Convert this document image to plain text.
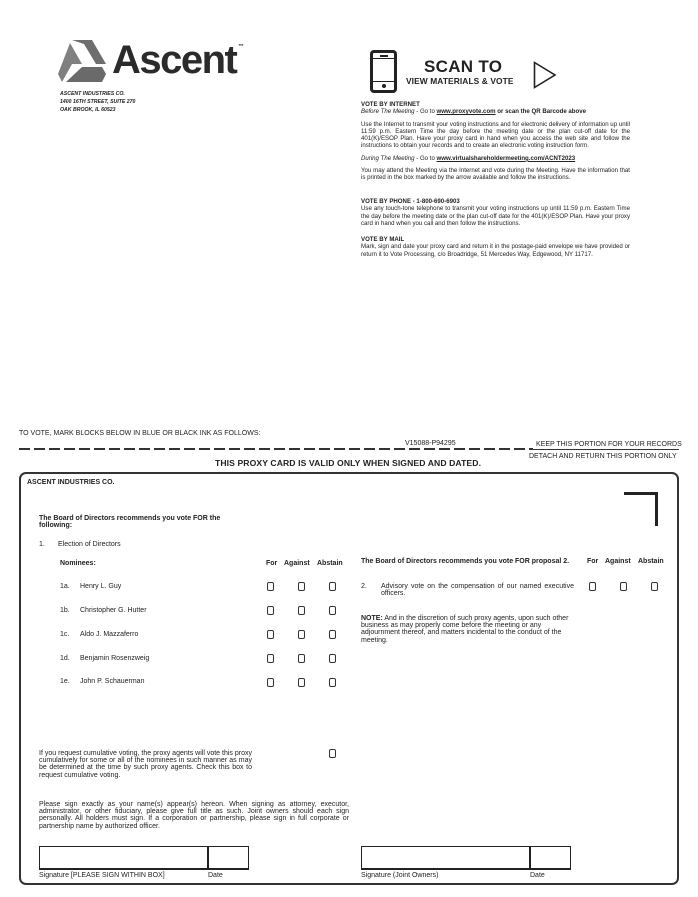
Ascent ™
ASCENT INDUSTRIES CO.
1400 16TH STREET, SUITE 270
OAK BROOK, IL 60523
SCAN TO
VIEW MATERIALS & VOTE
VOTE BY INTERNET
Before The Meeting - Go to www.proxyvote.com or scan the QR Barcode above
Use the Internet to transmit your voting instructions and for electronic delivery of information up until 11:59 p.m. Eastern Time the day before the meeting date or the plan cut-off date for the 401(K)/ESOP Plan. Have your proxy card in hand when you access the web site and follow the instructions to obtain your records and to create an electronic voting instruction form.
During The Meeting - Go to www.virtualshareholdermeeting.com/ACNT2023
You may attend the Meeting via the Internet and vote during the Meeting. Have the information that is printed in the box marked by the arrow available and follow the instructions.
VOTE BY PHONE - 1-800-690-6903
Use any touch-tone telephone to transmit your voting instructions up until 11:59 p.m. Eastern Time the day before the meeting date or the plan cut-off date for the 401(K)/ESOP Plan. Have your proxy card in hand when you call and then follow the instructions.
VOTE BY MAIL
Mark, sign and date your proxy card and return it in the postage-paid envelope we have provided or return it to Vote Processing, c/o Broadridge, 51 Mercedes Way, Edgewood, NY 11717.
TO VOTE, MARK BLOCKS BELOW IN BLUE OR BLACK INK AS FOLLOWS:
V15088-P94295	KEEP THIS PORTION FOR YOUR RECORDS
DETACH AND RETURN THIS PORTION ONLY
THIS PROXY CARD IS VALID ONLY WHEN SIGNED AND DATED.
ASCENT INDUSTRIES CO.
The Board of Directors recommends you vote FOR the following:
1. Election of Directors
Nominees:	For Against Abstain
1a. Henry L. Guy
1b. Christopher G. Hutter
1c. Aldo J. Mazzaferro
1d. Benjamin Rosenzweig
1e. John P. Schauerman
The Board of Directors recommends you vote FOR proposal 2.	For Against Abstain
2. Advisory vote on the compensation of our named executive officers.
NOTE: And in the discretion of such proxy agents, upon such other business as may properly come before the meeting or any adjournment thereof, and matters incidental to the conduct of the meeting.
If you request cumulative voting, the proxy agents will vote this proxy cumulatively for some or all of the nominees in such manner as may be determined at the time by such proxy agents. Check this box to request cumulative voting.
Please sign exactly as your name(s) appear(s) hereon. When signing as attorney, executor, administrator, or other fiduciary, please give full title as such. Joint owners should each sign personally. All holders must sign. If a corporation or partnership, please sign in full corporate or partnership name by authorized officer.
Signature [PLEASE SIGN WITHIN BOX]	Date	Signature (Joint Owners)	Date
